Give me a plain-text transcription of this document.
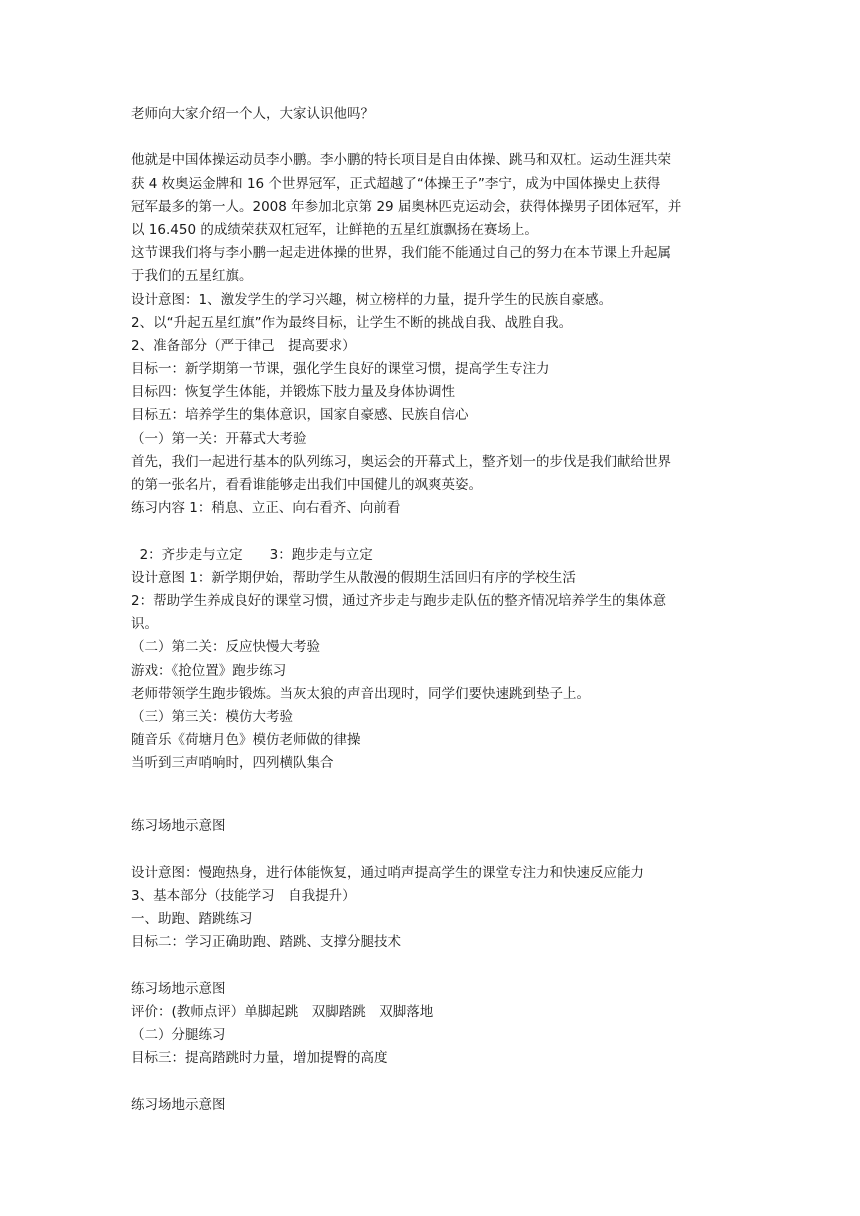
老师向大家介绍一个人，大家认识他吗？
他就是中国体操运动员李小鹏。李小鹏的特长项目是自由体操、跳马和双杠。运动生涯共荣
获 4 枚奥运金牌和 16 个世界冠军，正式超越了“体操王子”李宁，成为中国体操史上获得
冠军最多的第一人。2008 年参加北京第 29 届奥林匹克运动会，获得体操男子团体冠军，并
以 16.450 的成绩荣获双杠冠军，让鲜艳的五星红旗飘扬在赛场上。
这节课我们将与李小鹏一起走进体操的世界，我们能不能通过自己的努力在本节课上升起属
于我们的五星红旗。
设计意图：1、激发学生的学习兴趣，树立榜样的力量，提升学生的民族自豪感。
2、以“升起五星红旗”作为最终目标，让学生不断的挑战自我、战胜自我。
2、准备部分（严于律己　提高要求）
目标一：新学期第一节课，强化学生良好的课堂习惯，提高学生专注力
目标四：恢复学生体能，并锻炼下肢力量及身体协调性
目标五：培养学生的集体意识，国家自豪感、民族自信心
（一）第一关：开幕式大考验
首先，我们一起进行基本的队列练习，奥运会的开幕式上，整齐划一的步伐是我们献给世界
的第一张名片，看看谁能够走出我们中国健儿的飒爽英姿。
练习内容 1：稍息、立正、向右看齐、向前看
2：齐步走与立定　　3：跑步走与立定
设计意图 1：新学期伊始，帮助学生从散漫的假期生活回归有序的学校生活
2：帮助学生养成良好的课堂习惯，通过齐步走与跑步走队伍的整齐情况培养学生的集体意
识。
（二）第二关：反应快慢大考验
游戏：《抢位置》跑步练习
老师带领学生跑步锻炼。当灰太狼的声音出现时，同学们要快速跳到垫子上。
（三）第三关：模仿大考验
随音乐《荷塘月色》模仿老师做的律操
当听到三声哨响时，四列横队集合
练习场地示意图
设计意图：慢跑热身，进行体能恢复，通过哨声提高学生的课堂专注力和快速反应能力
3、基本部分（技能学习　自我提升）
一、助跑、踏跳练习
目标二：学习正确助跑、踏跳、支撑分腿技术
练习场地示意图
评价：(教师点评）单脚起跳　双脚踏跳　双脚落地
（二）分腿练习
目标三：提高踏跳时力量，增加提臀的高度
练习场地示意图
